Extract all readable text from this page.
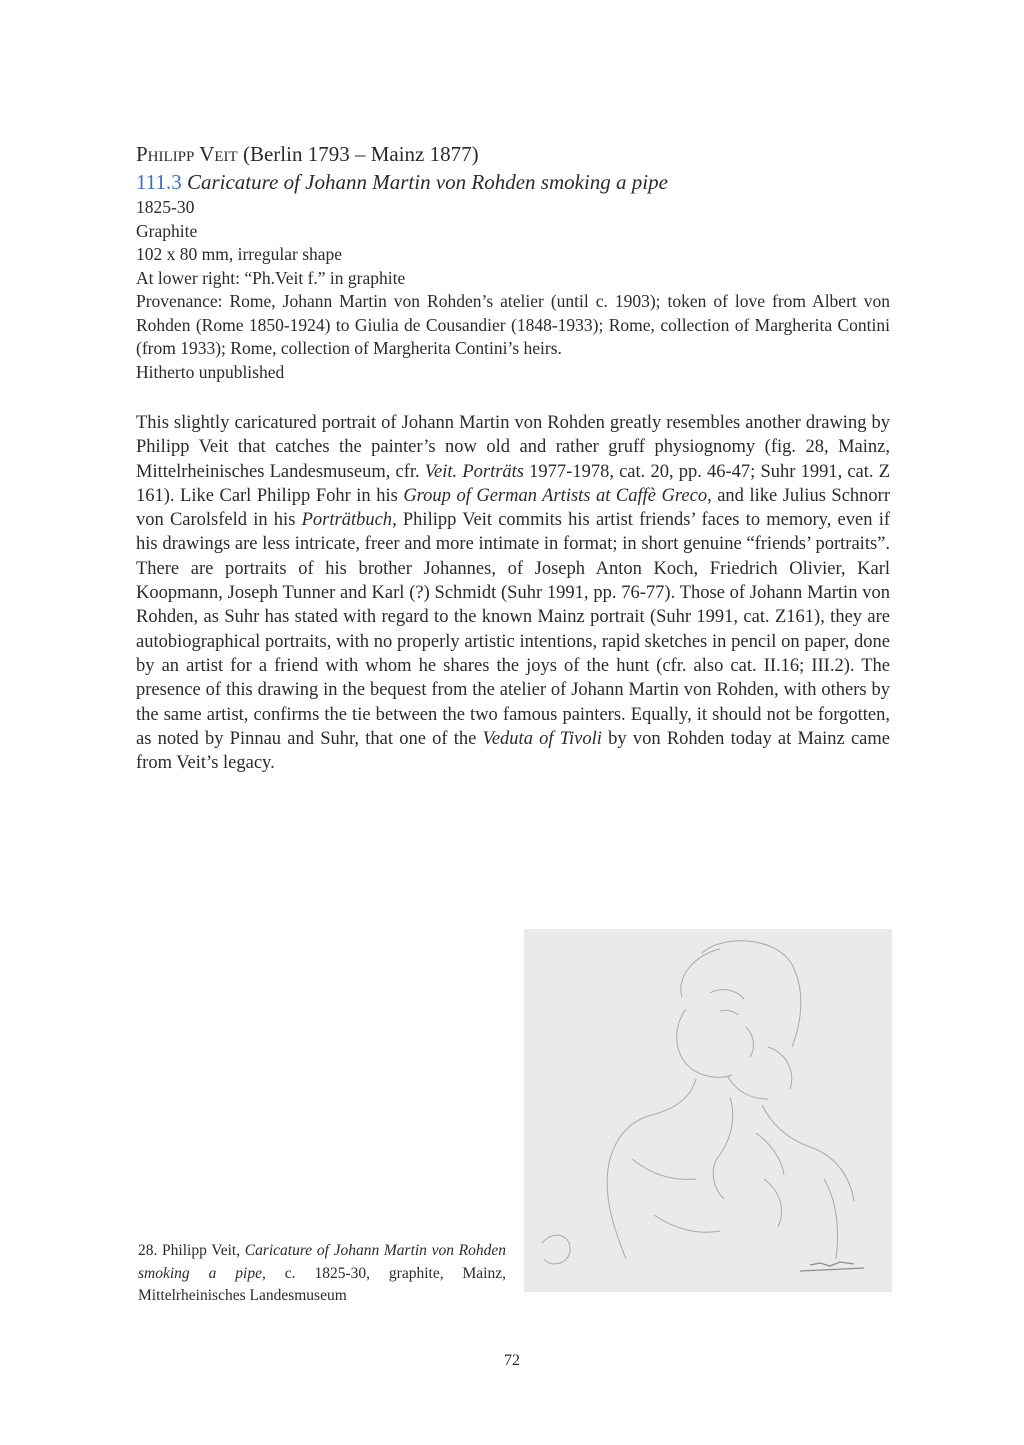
Philipp Veit (Berlin 1793 – Mainz 1877)

111.3 Caricature of Johann Martin von Rohden smoking a pipe

1825-30

Graphite

102 x 80 mm, irregular shape

At lower right: “Ph.Veit f.” in graphite

Provenance: Rome, Johann Martin von Rohden’s atelier (until c. 1903); token of love from Albert von Rohden (Rome 1850-1924) to Giulia de Cousandier (1848-1933); Rome, collection of Margherita Contini (from 1933); Rome, collection of Margherita Contini’s heirs.

Hitherto unpublished

This slightly caricatured portrait of Johann Martin von Rohden greatly resembles another drawing by Philipp Veit that catches the painter’s now old and rather gruff physiognomy (fig. 28, Mainz, Mittelrheinisches Landesmuseum, cfr. Veit. Porträts 1977-1978, cat. 20, pp. 46-47; Suhr 1991, cat. Z 161). Like Carl Philipp Fohr in his Group of German Artists at Caffè Greco, and like Julius Schnorr von Carolsfeld in his Porträtbuch, Philipp Veit commits his artist friends’ faces to memory, even if his drawings are less intricate, freer and more intimate in format; in short genuine “friends’ portraits”. There are portraits of his brother Johannes, of Joseph Anton Koch, Friedrich Olivier, Karl Koopmann, Joseph Tunner and Karl (?) Schmidt (Suhr 1991, pp. 76-77). Those of Johann Martin von Rohden, as Suhr has stated with regard to the known Mainz portrait (Suhr 1991, cat. Z161), they are autobiographical portraits, with no properly artistic intentions, rapid sketches in pencil on paper, done by an artist for a friend with whom he shares the joys of the hunt (cfr. also cat. II.16; III.2). The presence of this drawing in the bequest from the atelier of Johann Martin von Rohden, with others by the same artist, confirms the tie between the two famous painters. Equally, it should not be forgotten, as noted by Pinnau and Suhr, that one of the Veduta of Tivoli by von Rohden today at Mainz came from Veit’s legacy.
28. Philipp Veit, Caricature of Johann Martin von Rohden smoking a pipe, c. 1825-30, graphite, Mainz, Mittelrheinisches Landesmuseum
72
